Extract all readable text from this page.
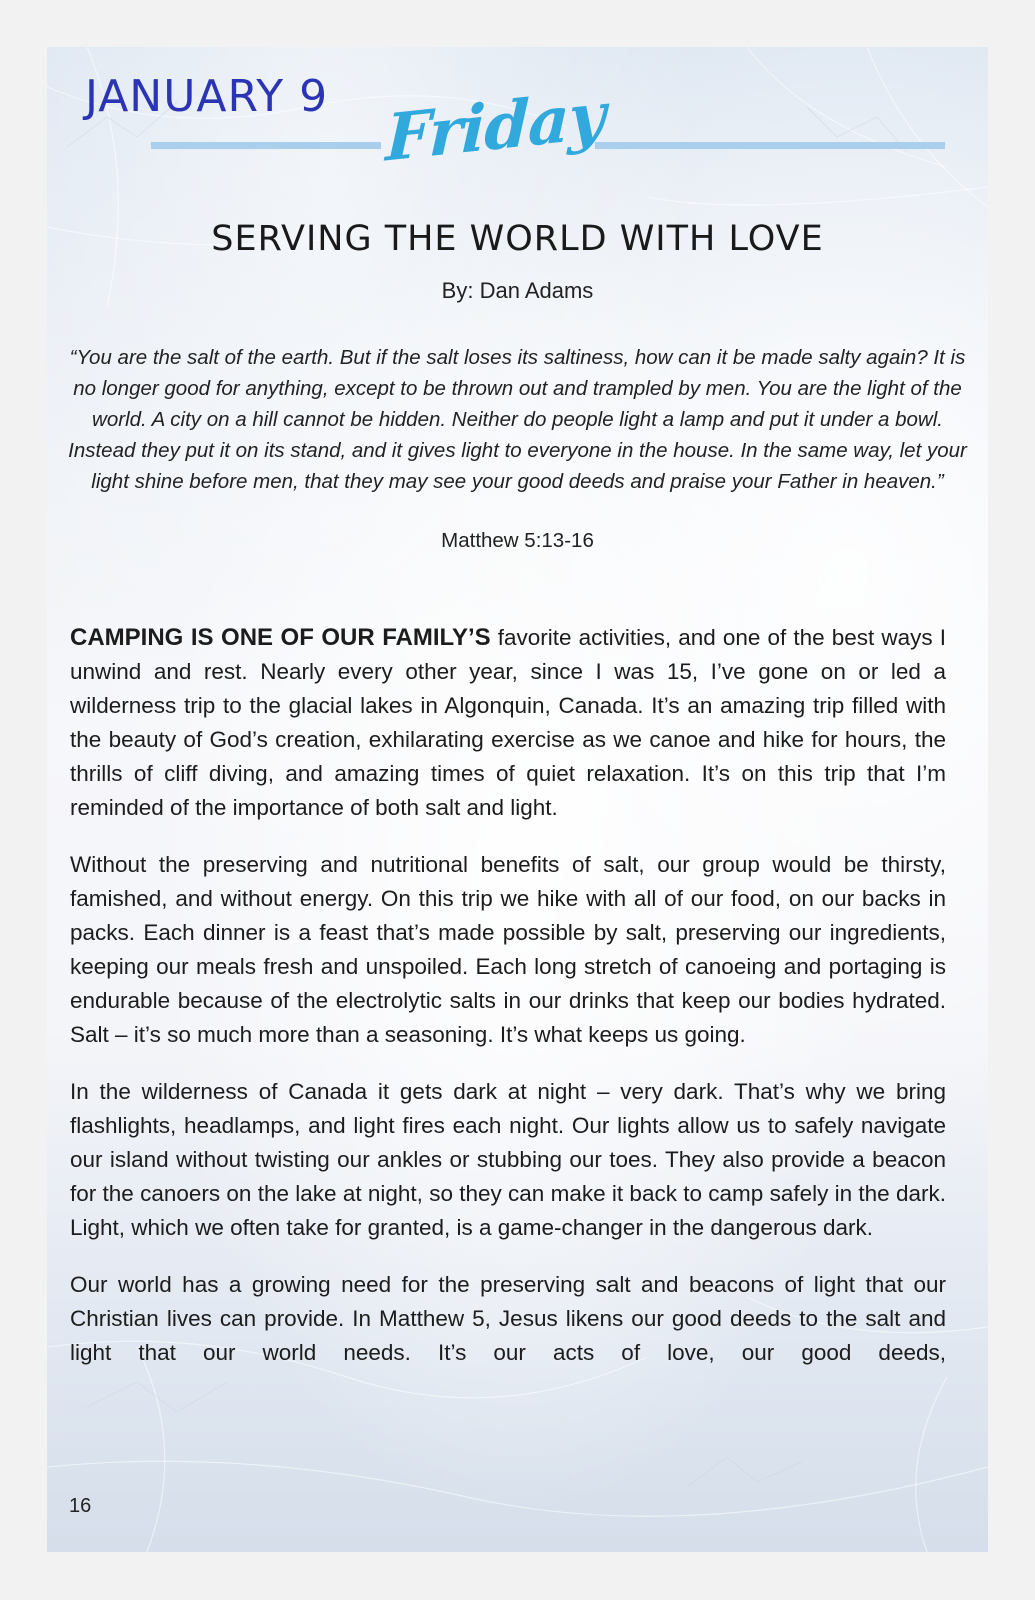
JANUARY 9 Friday
SERVING THE WORLD WITH LOVE
By: Dan Adams
“You are the salt of the earth. But if the salt loses its saltiness, how can it be made salty again? It is no longer good for anything, except to be thrown out and trampled by men. You are the light of the world. A city on a hill cannot be hidden. Neither do people light a lamp and put it under a bowl. Instead they put it on its stand, and it gives light to everyone in the house. In the same way, let your light shine before men, that they may see your good deeds and praise your Father in heaven.”
Matthew 5:13-16

CAMPING IS ONE OF OUR FAMILY’S favorite activities, and one of the best ways I unwind and rest. Nearly every other year, since I was 15, I’ve gone on or led a wilderness trip to the glacial lakes in Algonquin, Canada. It’s an amazing trip filled with the beauty of God’s creation, exhilarating exercise as we canoe and hike for hours, the thrills of cliff diving, and amazing times of quiet relaxation. It’s on this trip that I’m reminded of the importance of both salt and light.

Without the preserving and nutritional benefits of salt, our group would be thirsty, famished, and without energy. On this trip we hike with all of our food, on our backs in packs. Each dinner is a feast that’s made possible by salt, preserving our ingredients, keeping our meals fresh and unspoiled. Each long stretch of canoeing and portaging is endurable because of the electrolytic salts in our drinks that keep our bodies hydrated. Salt – it’s so much more than a seasoning. It’s what keeps us going.

In the wilderness of Canada it gets dark at night – very dark. That’s why we bring flashlights, headlamps, and light fires each night. Our lights allow us to safely navigate our island without twisting our ankles or stubbing our toes. They also provide a beacon for the canoers on the lake at night, so they can make it back to camp safely in the dark. Light, which we often take for granted, is a game-changer in the dangerous dark.

Our world has a growing need for the preserving salt and beacons of light that our Christian lives can provide. In Matthew 5, Jesus likens our good deeds to the salt and light that our world needs. It’s our acts of love, our good deeds,

16
